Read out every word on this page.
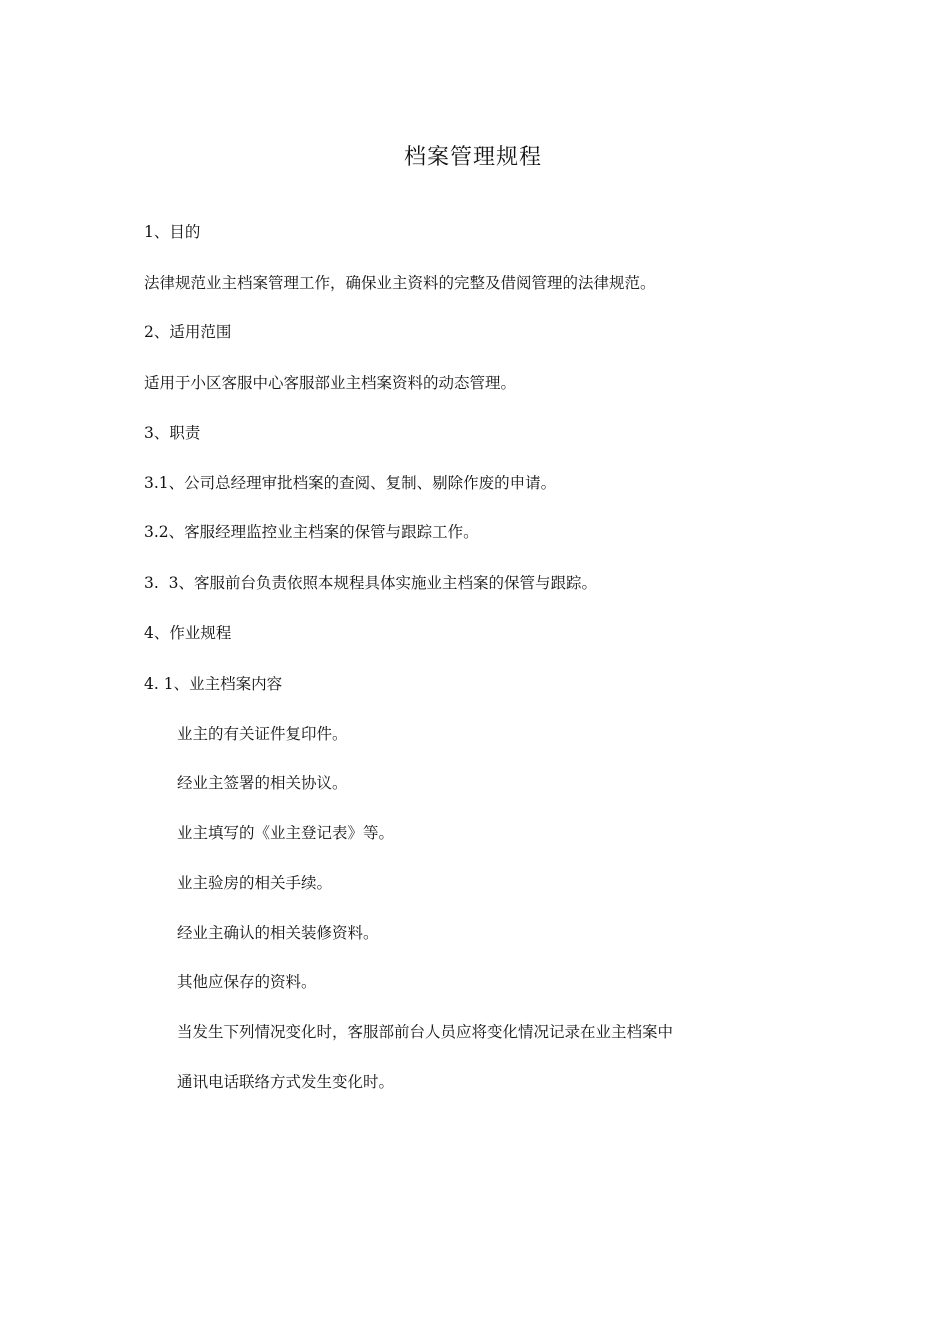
档案管理规程
1、目的
法律规范业主档案管理工作，确保业主资料的完整及借阅管理的法律规范。
2、适用范围
适用于小区客服中心客服部业主档案资料的动态管理。
3、职责
3.1、公司总经理审批档案的查阅、复制、剔除作废的申请。
3.2、客服经理监控业主档案的保管与跟踪工作。
3.  3、客服前台负责依照本规程具体实施业主档案的保管与跟踪。
4、作业规程
4. 1、业主档案内容
业主的有关证件复印件。
经业主签署的相关协议。
业主填写的《业主登记表》等。
业主验房的相关手续。
经业主确认的相关装修资料。
其他应保存的资料。
当发生下列情况变化时，客服部前台人员应将变化情况记录在业主档案中
通讯电话联络方式发生变化时。
